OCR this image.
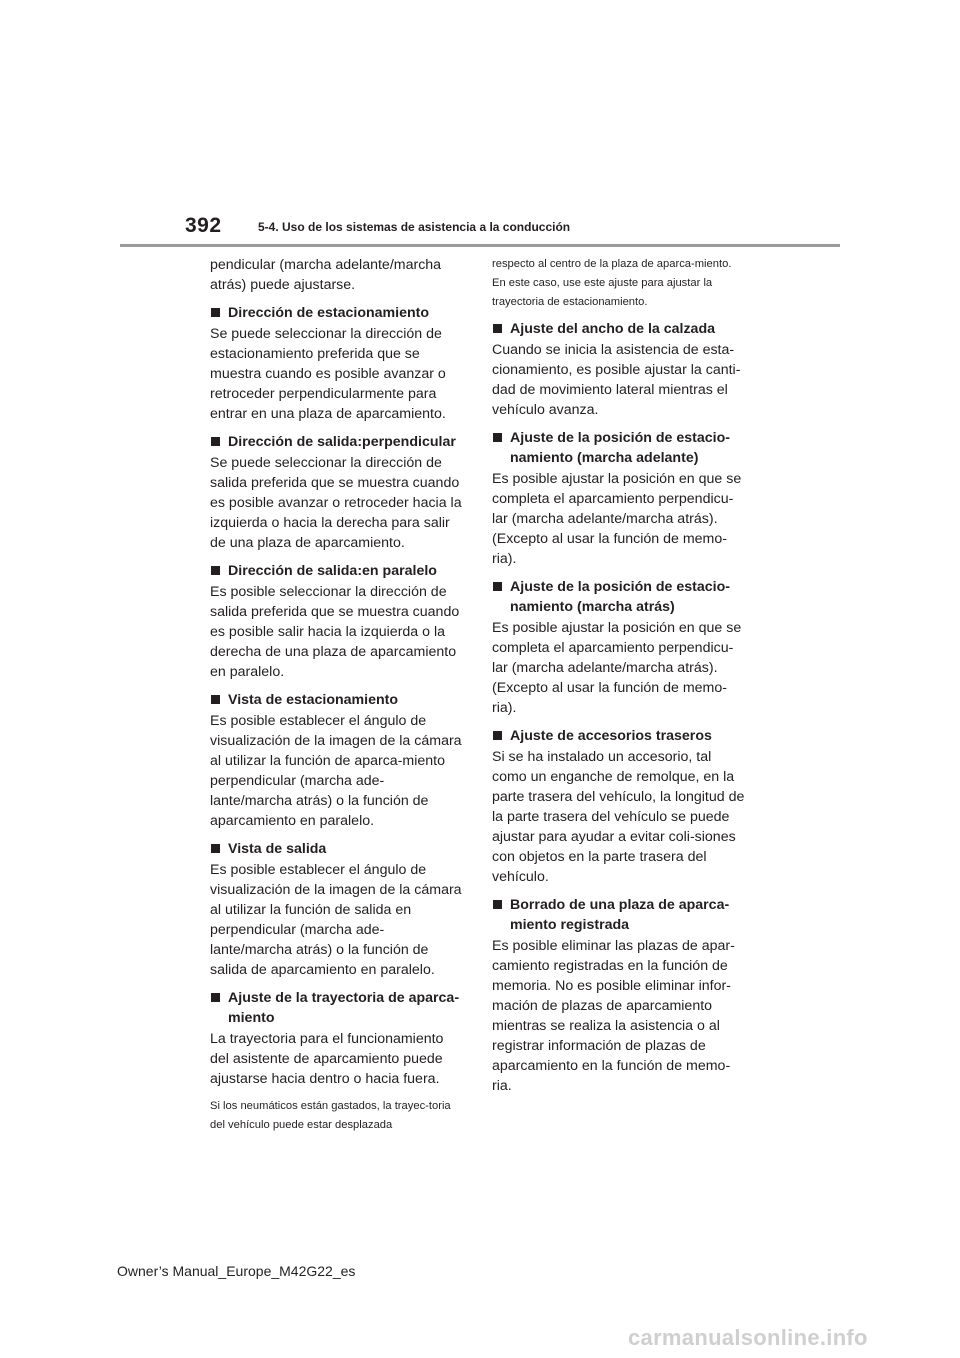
392	5-4. Uso de los sistemas de asistencia a la conducción
pendicular (marcha adelante/marcha atrás) puede ajustarse.
Dirección de estacionamiento
Se puede seleccionar la dirección de estacionamiento preferida que se muestra cuando es posible avanzar o retroceder perpendicularmente para entrar en una plaza de aparcamiento.
Dirección de salida:perpendicular
Se puede seleccionar la dirección de salida preferida que se muestra cuando es posible avanzar o retroceder hacia la izquierda o hacia la derecha para salir de una plaza de aparcamiento.
Dirección de salida:en paralelo
Es posible seleccionar la dirección de salida preferida que se muestra cuando es posible salir hacia la izquierda o la derecha de una plaza de aparcamiento en paralelo.
Vista de estacionamiento
Es posible establecer el ángulo de visualización de la imagen de la cámara al utilizar la función de aparca-miento perpendicular (marcha ade-lante/marcha atrás) o la función de aparcamiento en paralelo.
Vista de salida
Es posible establecer el ángulo de visualización de la imagen de la cámara al utilizar la función de salida en perpendicular (marcha ade-lante/marcha atrás) o la función de salida de aparcamiento en paralelo.
Ajuste de la trayectoria de aparca-miento
La trayectoria para el funcionamiento del asistente de aparcamiento puede ajustarse hacia dentro o hacia fuera.
Si los neumáticos están gastados, la trayec-toria del vehículo puede estar desplazada
respecto al centro de la plaza de aparca-miento. En este caso, use este ajuste para ajustar la trayectoria de estacionamiento.
Ajuste del ancho de la calzada
Cuando se inicia la asistencia de esta-cionamiento, es posible ajustar la canti-dad de movimiento lateral mientras el vehículo avanza.
Ajuste de la posición de estacio-namiento (marcha adelante)
Es posible ajustar la posición en que se completa el aparcamiento perpendicu-lar (marcha adelante/marcha atrás). (Excepto al usar la función de memo-ria).
Ajuste de la posición de estacio-namiento (marcha atrás)
Es posible ajustar la posición en que se completa el aparcamiento perpendicu-lar (marcha adelante/marcha atrás). (Excepto al usar la función de memo-ria).
Ajuste de accesorios traseros
Si se ha instalado un accesorio, tal como un enganche de remolque, en la parte trasera del vehículo, la longitud de la parte trasera del vehículo se puede ajustar para ayudar a evitar coli-siones con objetos en la parte trasera del vehículo.
Borrado de una plaza de aparca-miento registrada
Es posible eliminar las plazas de apar-camiento registradas en la función de memoria. No es posible eliminar infor-mación de plazas de aparcamiento mientras se realiza la asistencia o al registrar información de plazas de aparcamiento en la función de memo-ria.
Owner’s Manual_Europe_M42G22_es
carmanualsonline.info
